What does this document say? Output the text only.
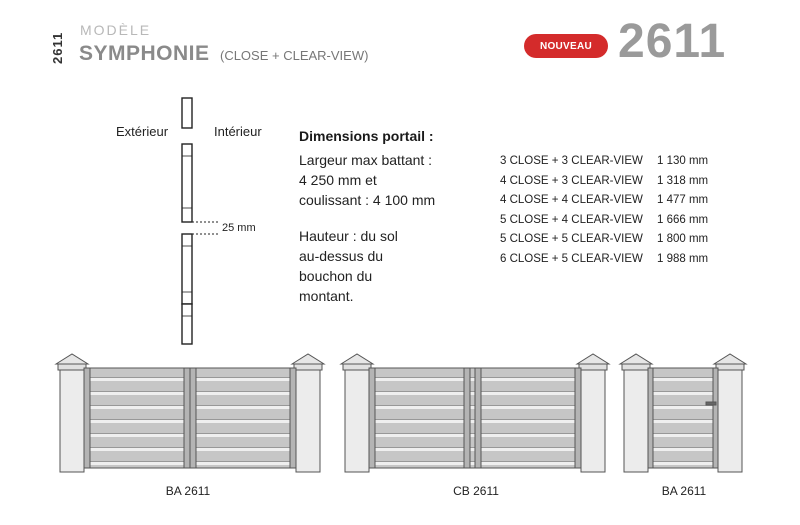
2611
MODÈLE
SYMPHONIE (CLOSE + CLEAR-VIEW)
NOUVEAU 2611
Extérieur	Intérieur
25 mm
Dimensions portail :
Largeur max battant :
4 250 mm et
coulissant : 4 100 mm
Hauteur : du sol
au-dessus du
bouchon du
montant.
3 CLOSE + 3 CLEAR-VIEW	1 130 mm
4 CLOSE + 3 CLEAR-VIEW	1 318 mm
4 CLOSE + 4 CLEAR-VIEW	1 477 mm
5 CLOSE + 4 CLEAR-VIEW	1 666 mm
5 CLOSE + 5 CLEAR-VIEW	1 800 mm
6 CLOSE + 5 CLEAR-VIEW	1 988 mm
BA 2611	CB 2611	BA 2611
